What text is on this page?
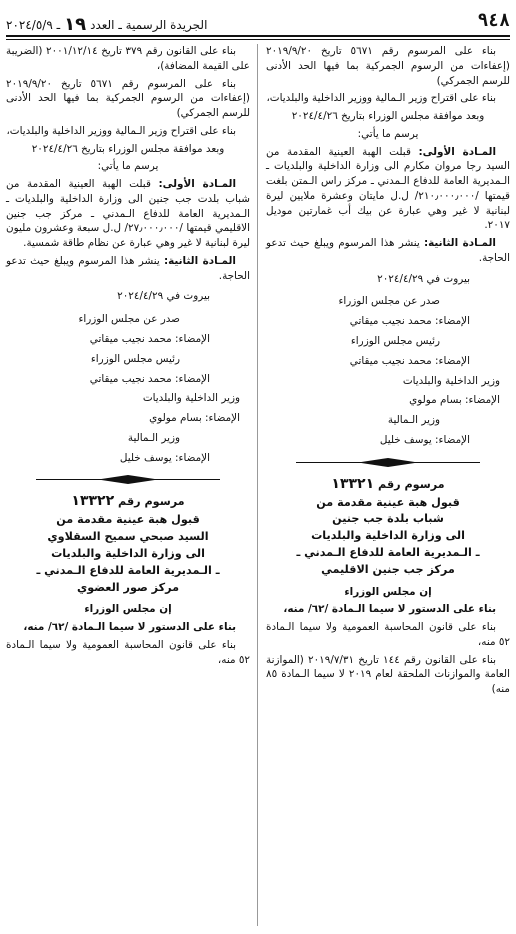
٩٤٨
الجريدة الرسمية ـ العدد
١٩
ـ ٢٠٢٤/٥/٩

بناء على المرسوم رقم ٥٦٧١ تاريخ ٢٠١٩/٩/٢٠ (إعفاءات من الرسوم الجمركية بما فيها الحد الأدنى للرسم الجمركي)

بناء على اقتراح وزير الـمالية ووزير الداخلية والبلديات،

وبعد موافقة مجلس الوزراء بتاريخ ٢٠٢٤/٤/٢٦

يرسم ما يأتي:

المـادة الأولى: قبلت الهبة العينية المقدمة من السيد رجا مروان مكارم الى وزارة الداخلية والبلديات ـ الـمديرية العامة للدفاع الـمدني ـ مركز راس الـمتن بلغت قيمتها /٢١٠٫٠٠٠٫٠٠٠/ ل.ل مايتان وعشرة ملايين ليرة لبنانية لا غير وهي عبارة عن بيك أب غمارتين موديل ٢٠١٧.

المـادة الثانية: ينشر هذا المرسوم ويبلغ حيث تدعو الحاجة.

بيروت في ٢٠٢٤/٤/٢٩

صدر عن مجلس الوزراء

الإمضاء: محمد نجيب ميقاتي

رئيس مجلس الوزراء

الإمضاء: محمد نجيب ميقاتي

وزير الداخلية والبلديات

الإمضاء: بسام مولوي

وزير الـمالية

الإمضاء: يوسف خليل

مرسوم رقم ١٣٣٢١
قبول هبة عينية مقدمة من
شباب بلدة جب جنين
الى وزارة الداخلية والبلديات
ـ الـمديرية العامة للدفاع الـمدني ـ
مركز جب جنين الاقليمي

إن مجلس الوزراء

بناء على الدستور لا سيما الـمادة /٦٢/ منه،

بناء على قانون المحاسبة العمومية ولا سيما الـمادة ٥٢ منه،

بناء على القانون رقم ١٤٤ تاريخ ٢٠١٩/٧/٣١ (الموازنة العامة والموازنات الملحقة لعام ٢٠١٩ لا سيما الـمادة ٨٥ منه)

بناء على القانون رقم ٣٧٩ تاريخ ٢٠٠١/١٢/١٤ (الضريبة على القيمة المضافة)،

بناء على المرسوم رقم ٥٦٧١ تاريخ ٢٠١٩/٩/٢٠ (إعفاءات من الرسوم الجمركية بما فيها الحد الأدنى للرسم الجمركي)

بناء على اقتراح وزير الـمالية ووزير الداخلية والبلديات،

وبعد موافقة مجلس الوزراء بتاريخ ٢٠٢٤/٤/٢٦

يرسم ما يأتي:

المـادة الأولى: قبلت الهبة العينية المقدمة من شباب بلدت جب جنين الى وزارة الداخلية والبلديات ـ الـمديرية العامة للدفاع الـمدني ـ مركز جب جنين الاقليمي قيمتها /٢٧٫٠٠٠٫٠٠٠/ ل.ل سبعة وعشرون مليون ليرة لبنانية لا غير وهي عبارة عن نظام طاقة شمسية.

المـادة الثانية: ينشر هذا المرسوم ويبلغ حيث تدعو الحاجة.

بيروت في ٢٠٢٤/٤/٢٩

صدر عن مجلس الوزراء

الإمضاء: محمد نجيب ميقاتي

رئيس مجلس الوزراء

الإمضاء: محمد نجيب ميقاتي

وزير الداخلية والبلديات

الإمضاء: بسام مولوي

وزير الـمالية

الإمضاء: يوسف خليل

مرسوم رقم ١٣٣٢٢
قبول هبة عينية مقدمة من
السيد صبحي سميح السقلاوي
الى وزارة الداخلية والبلديات
ـ الـمديرية العامة للدفاع الـمدني ـ
مركز صور العضوي

إن مجلس الوزراء

بناء على الدستور لا سيما الـمادة /٦٢/ منه،

بناء على قانون المحاسبة العمومية ولا سيما الـمادة ٥٢ منه،
